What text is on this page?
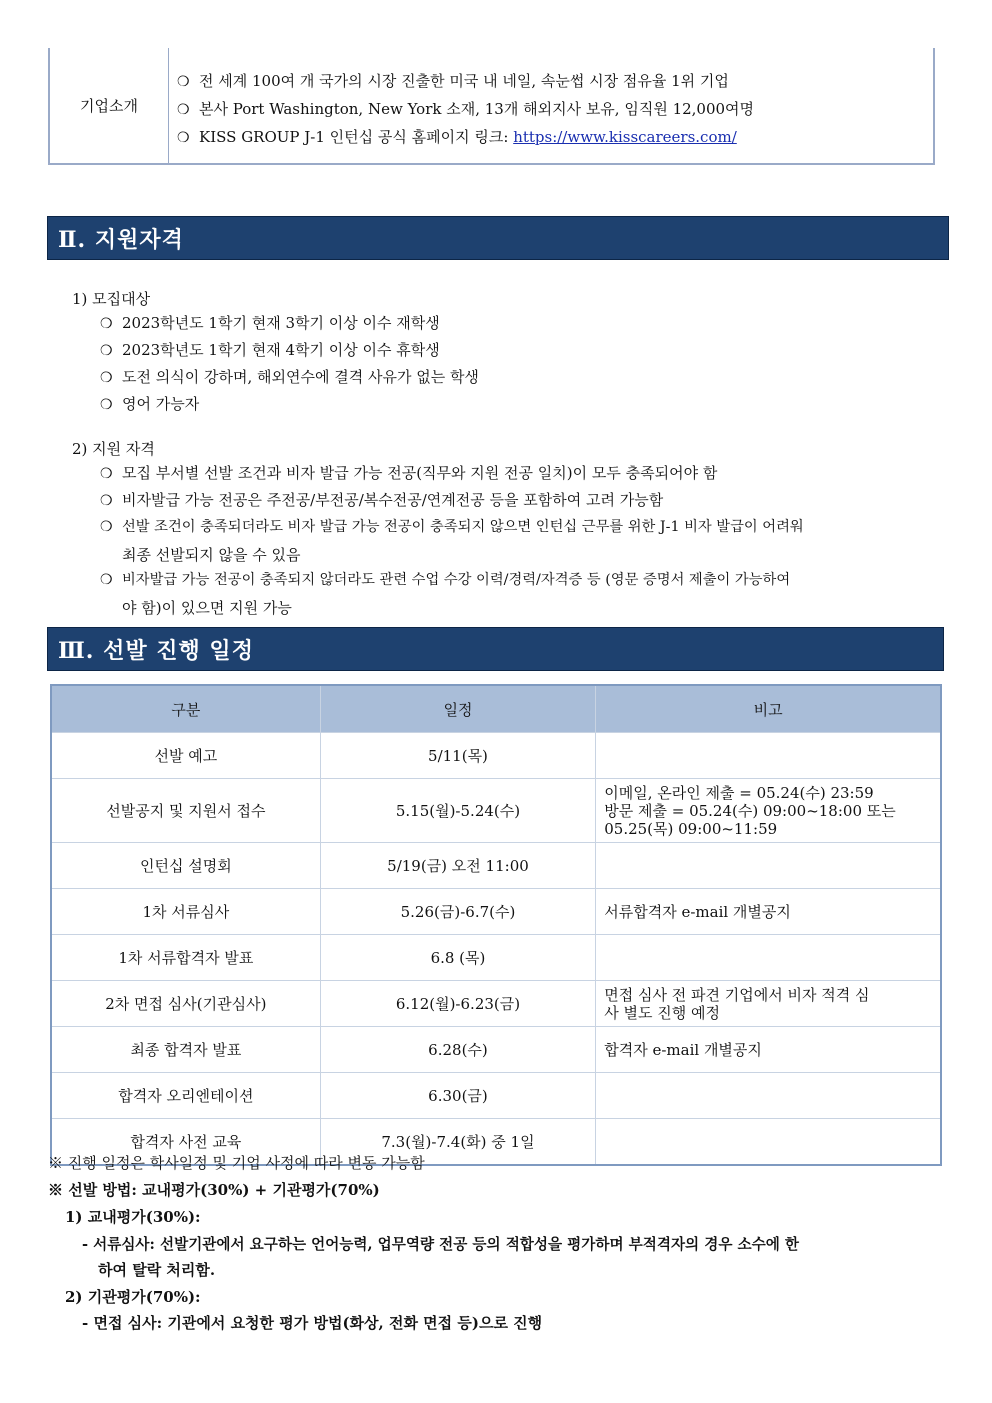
기업소개
❍ 전 세계 100여 개 국가의 시장 진출한 미국 내 네일, 속눈썹 시장 점유율 1위 기업
❍ 본사 Port Washington, New York 소재, 13개 해외지사 보유, 임직원 12,000여명
❍ KISS GROUP J-1 인턴십 공식 홈페이지 링크: https://www.kisscareers.com/
Ⅱ. 지원자격
1) 모집대상
❍ 2023학년도 1학기 현재 3학기 이상 이수 재학생
❍ 2023학년도 1학기 현재 4학기 이상 이수 휴학생
❍ 도전 의식이 강하며, 해외연수에 결격 사유가 없는 학생
❍ 영어 가능자
2) 지원 자격
❍ 모집 부서별 선발 조건과 비자 발급 가능 전공(직무와 지원 전공 일치)이 모두 충족되어야 함
❍ 비자발급 가능 전공은 주전공/부전공/복수전공/연계전공 등을 포함하여 고려 가능함
❍ 선발 조건이 충족되더라도 비자 발급 가능 전공이 충족되지 않으면 인턴십 근무를 위한 J-1 비자 발급이 어려워
최종 선발되지 않을 수 있음
❍ 비자발급 가능 전공이 충족되지 않더라도 관련 수업 수강 이력/경력/자격증 등 (영문 증명서 제출이 가능하여
야 함)이 있으면 지원 가능
Ⅲ. 선발 진행 일정
구분	일정	비고
선발 예고	5/11(목)	
선발공지 및 지원서 접수	5.15(월)-5.24(수)	이메일, 온라인 제출 = 05.24(수) 23:59
방문 제출 = 05.24(수) 09:00~18:00 또는
05.25(목) 09:00~11:59
인턴십 설명회	5/19(금) 오전 11:00	
1차 서류심사	5.26(금)-6.7(수)	서류합격자 e-mail 개별공지
1차 서류합격자 발표	6.8 (목)	
2차 면접 심사(기관심사)	6.12(월)-6.23(금)	면접 심사 전 파견 기업에서 비자 적격 심
사 별도 진행 예정
최종 합격자 발표	6.28(수)	합격자 e-mail 개별공지
합격자 오리엔테이션	6.30(금)	
합격자 사전 교육	7.3(월)-7.4(화) 중 1일	
※ 진행 일정은 학사일정 및 기업 사정에 따라 변동 가능함
※ 선발 방법: 교내평가(30%) + 기관평가(70%)
1) 교내평가(30%):
- 서류심사: 선발기관에서 요구하는 언어능력, 업무역량 전공 등의 적합성을 평가하며 부적격자의 경우 소수에 한
하여 탈락 처리함.
2) 기관평가(70%):
- 면접 심사: 기관에서 요청한 평가 방법(화상, 전화 면접 등)으로 진행
